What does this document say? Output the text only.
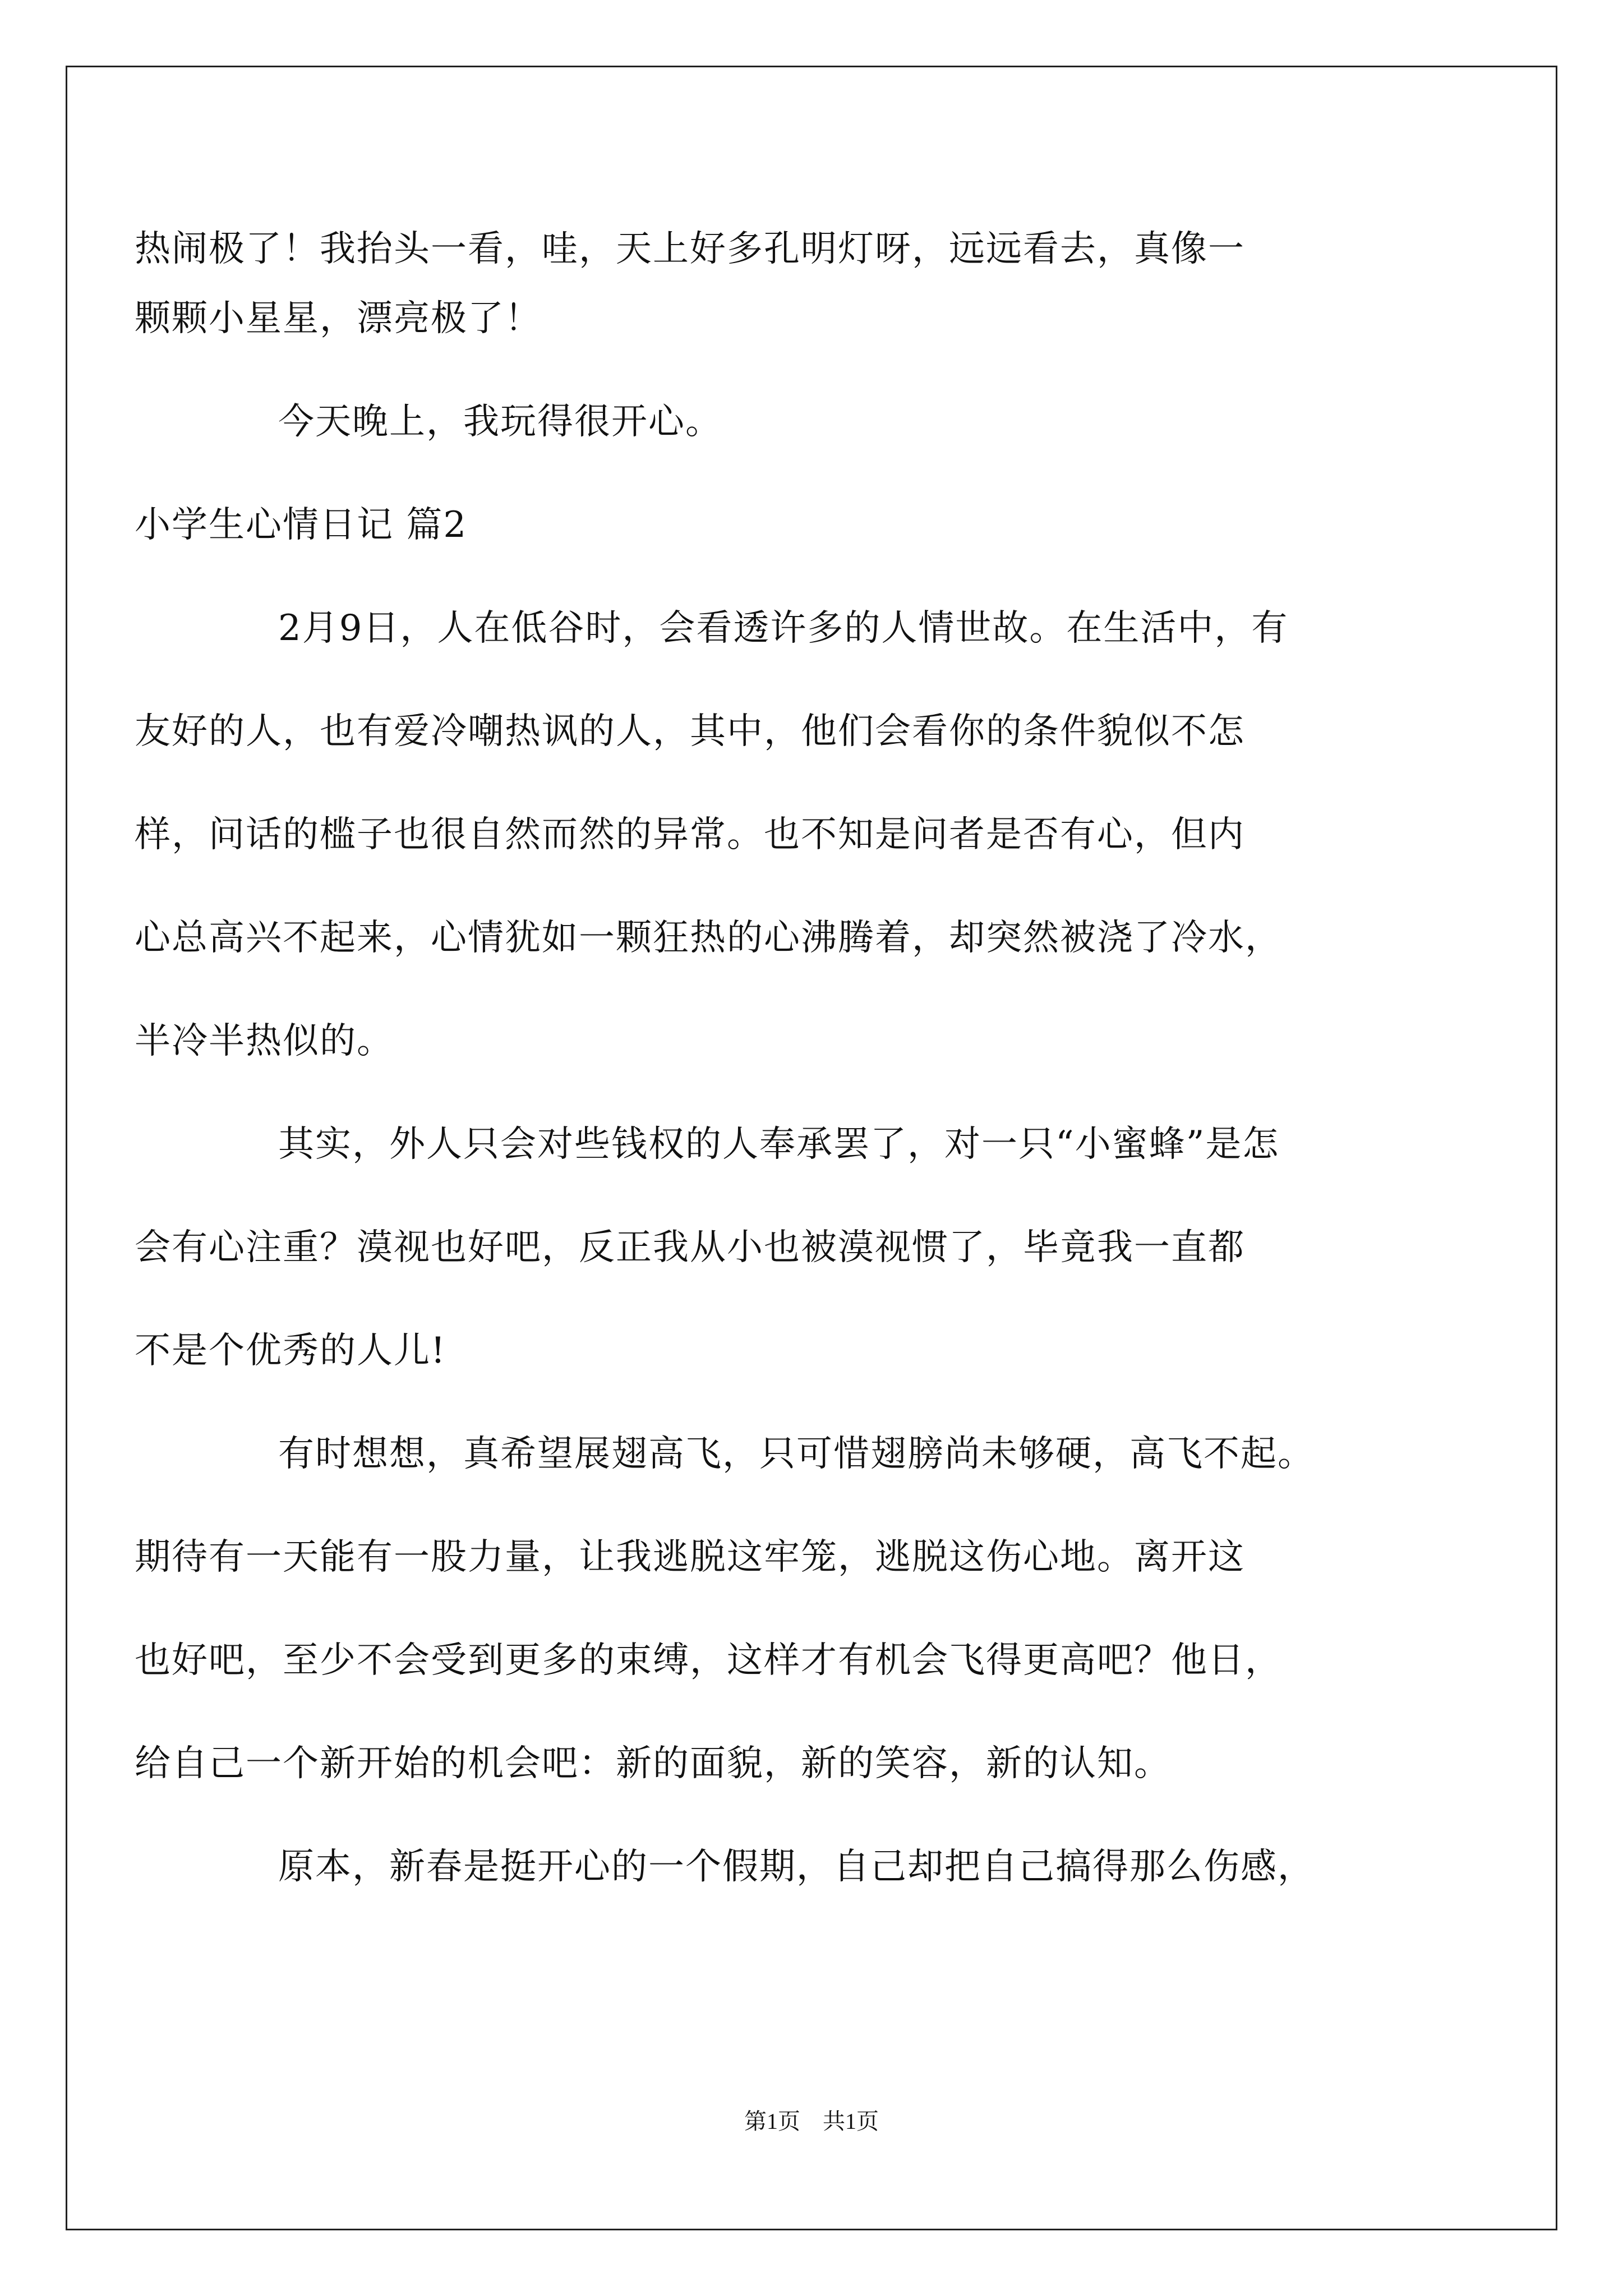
热闹极了！我抬头一看，哇，天上好多孔明灯呀，远远看去，真像一

颗颗小星星，漂亮极了！

今天晚上，我玩得很开心。

小学生心情日记 篇2

2月9日，人在低谷时，会看透许多的人情世故。在生活中，有

友好的人，也有爱冷嘲热讽的人，其中，他们会看你的条件貌似不怎

样，问话的槛子也很自然而然的异常。也不知是问者是否有心，但内

心总高兴不起来，心情犹如一颗狂热的心沸腾着，却突然被浇了冷水，

半冷半热似的。

其实，外人只会对些钱权的人奉承罢了，对一只“小蜜蜂”是怎

会有心注重？漠视也好吧，反正我从小也被漠视惯了，毕竟我一直都

不是个优秀的人儿!

有时想想，真希望展翅高飞，只可惜翅膀尚未够硬，高飞不起。

期待有一天能有一股力量，让我逃脱这牢笼，逃脱这伤心地。离开这

也好吧，至少不会受到更多的束缚，这样才有机会飞得更高吧？他日，

给自己一个新开始的机会吧：新的面貌，新的笑容，新的认知。

原本，新春是挺开心的一个假期，自己却把自己搞得那么伤感，

第1页　共1页
